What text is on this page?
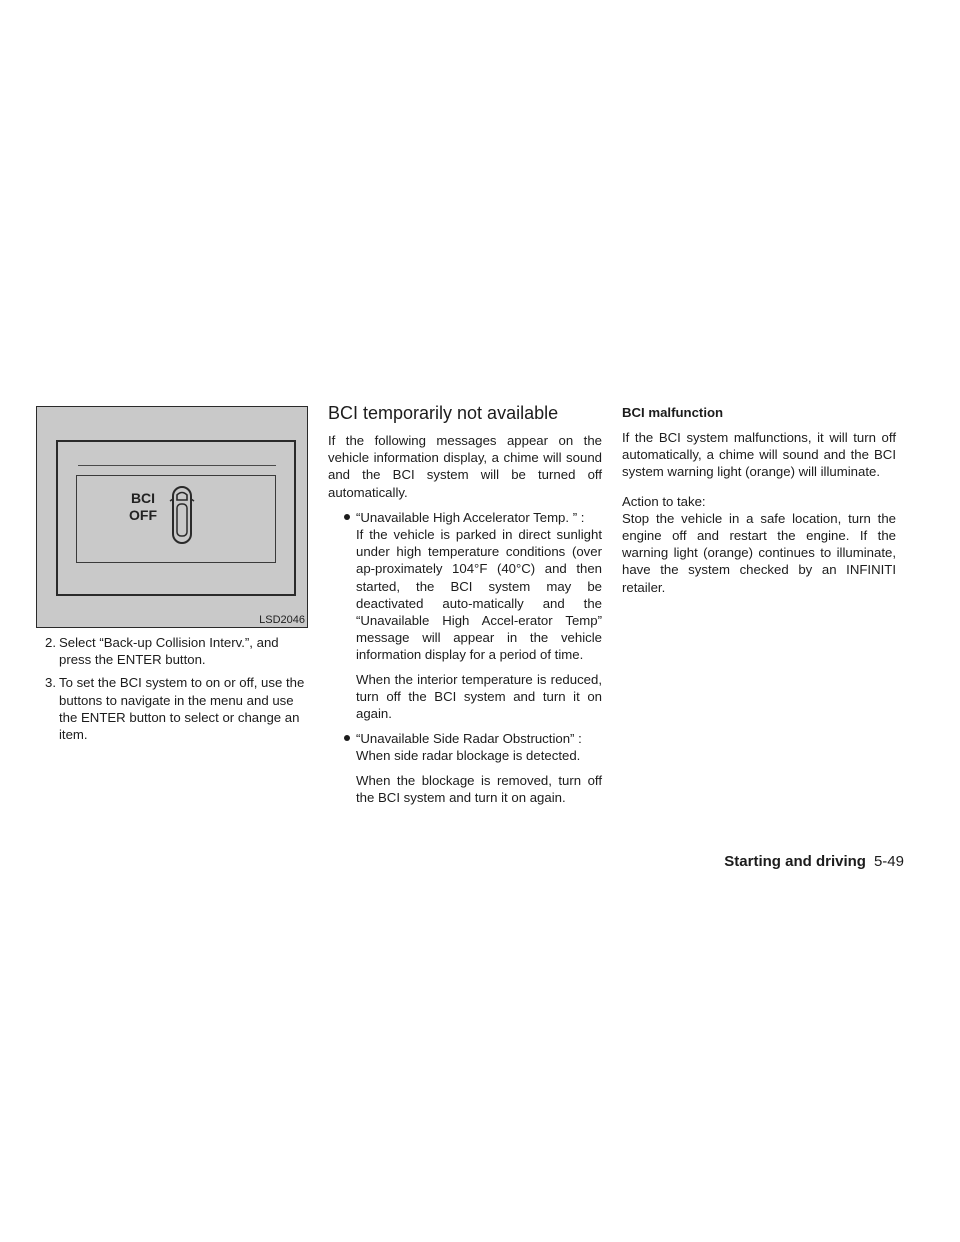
BCI
OFF
LSD2046
2. Select “Back-up Collision Interv.”, and press the ENTER button.
3. To set the BCI system to on or off, use the buttons to navigate in the menu and use the ENTER button to select or change an item.
BCI temporarily not available

If the following messages appear on the vehicle information display, a chime will sound and the BCI system will be turned off automatically.

“Unavailable High Accelerator Temp. ” :

If the vehicle is parked in direct sunlight under high temperature conditions (over ap-proximately 104°F (40°C) and then started, the BCI system may be deactivated auto-matically and the “Unavailable High Accel-erator Temp” message will appear in the vehicle information display for a period of time.

When the interior temperature is reduced, turn off the BCI system and turn it on again.

“Unavailable Side Radar Obstruction” :

When side radar blockage is detected.

When the blockage is removed, turn off the BCI system and turn it on again.

BCI malfunction

If the BCI system malfunctions, it will turn off automatically, a chime will sound and the BCI system warning light (orange) will illuminate.

Action to take:

Stop the vehicle in a safe location, turn the engine off and restart the engine. If the warning light (orange) continues to illuminate, have the system checked by an INFINITI retailer.

Starting and driving 5-49
